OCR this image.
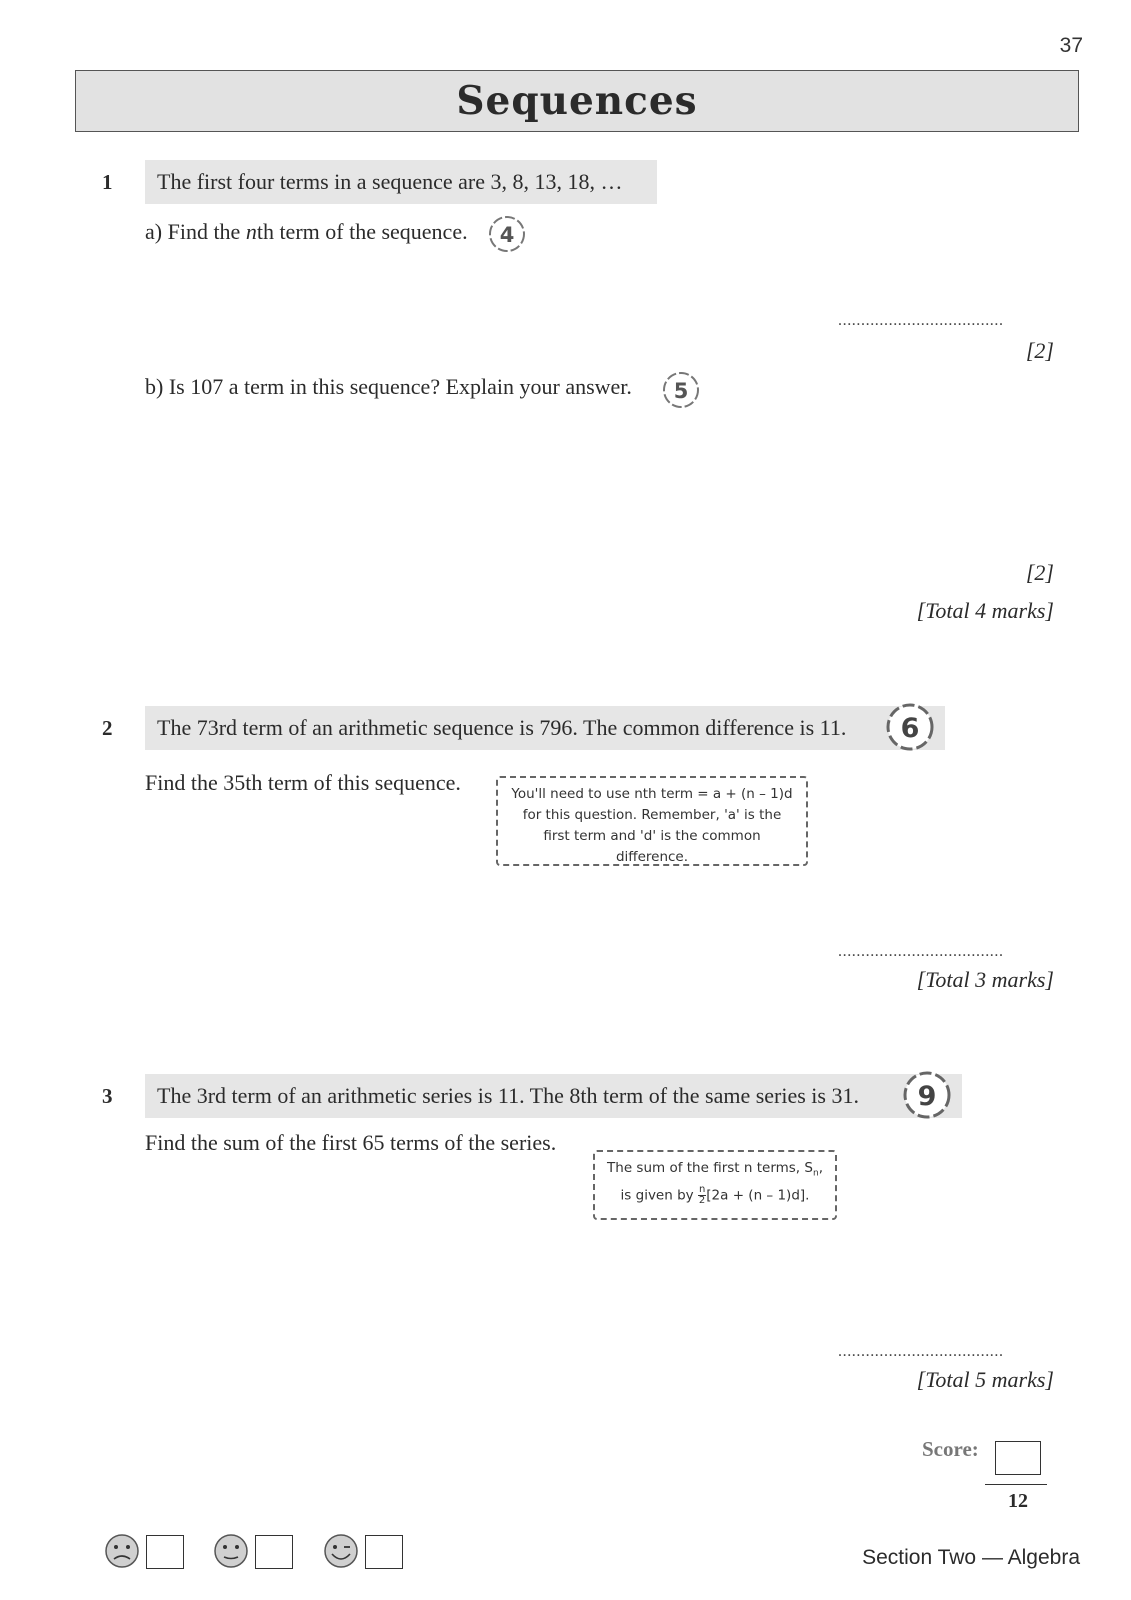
37
Sequences
1 The first four terms in a sequence are 3, 8, 13, 18, …
a) Find the nth term of the sequence. 4
....................................
[2]
b) Is 107 a term in this sequence? Explain your answer. 5
[2]
[Total 4 marks]
2 The 73rd term of an arithmetic sequence is 796. The common difference is 11. 6
Find the 35th term of this sequence.	You'll need to use nth term = a + (n – 1)d
for this question. Remember, 'a' is the
first term and 'd' is the common difference.
....................................
[Total 3 marks]
3 The 3rd term of an arithmetic series is 11. The 8th term of the same series is 31. 9
Find the sum of the first 65 terms of the series.
The sum of the first n terms, $S_n$,
is given by $\frac{n}{2} [2a + (n - 1)d]$.
....................................
[Total 5 marks]
Score:
12
Section Two — Algebra
